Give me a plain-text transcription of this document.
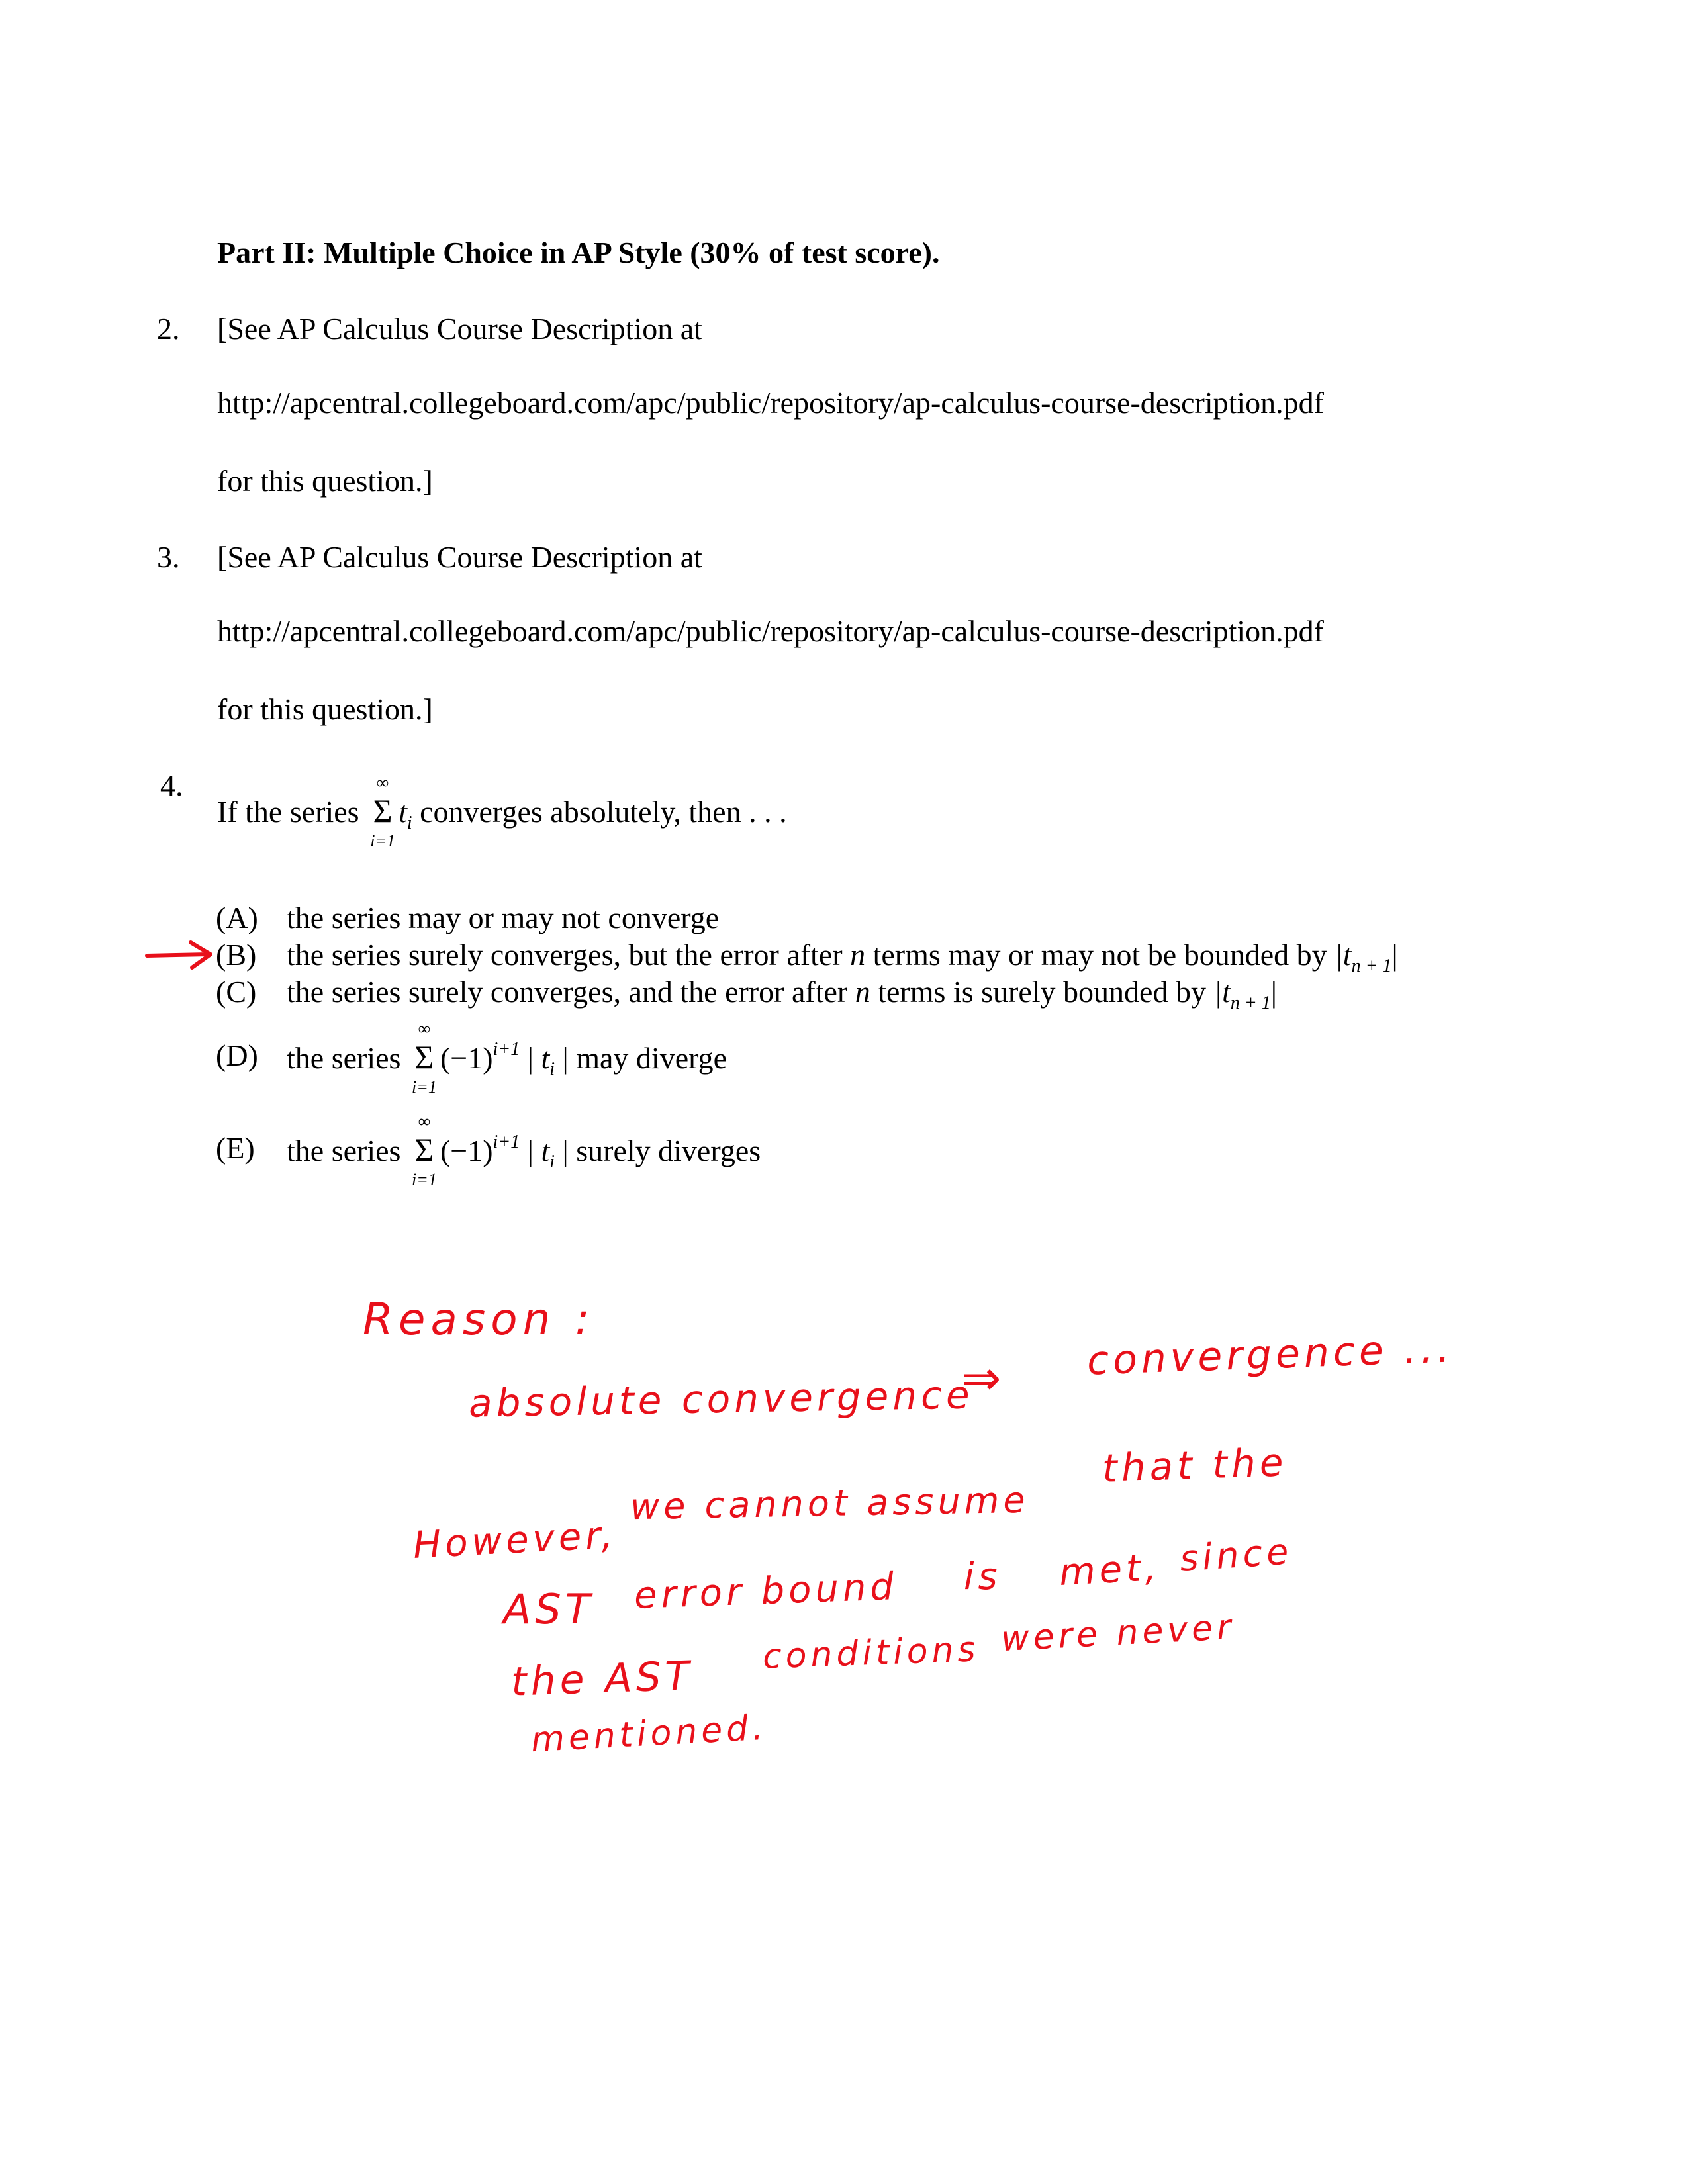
Part II: Multiple Choice in AP Style (30% of test score).
2. [See AP Calculus Course Description at
http://apcentral.collegeboard.com/apc/public/repository/ap-calculus-course-description.pdf
for this question.]
3. [See AP Calculus Course Description at
http://apcentral.collegeboard.com/apc/public/repository/ap-calculus-course-description.pdf
for this question.]
4.
If the series Σ
∞
i=1
$t_i$ converges absolutely, then . . .
(A) the series may or may not converge
(B) the series surely converges, but the error after n terms may or may not be bounded by $|t_{n + 1}|$
(C) the series surely converges, and the error after n terms is surely bounded by $|t_{n + 1}|$
(D) the series Σ
∞
i=1
$(-1)^{i+1}$ | $t_i$ | may diverge
(E) the series Σ
∞
i=1
$(-1)^{i+1}$ | $t_i$ | surely diverges
Reason :
absolute convergence
⇒ convergence ...
However,
we cannot assume
that the
AST error bound is met, since
the AST conditions were never
mentioned.
